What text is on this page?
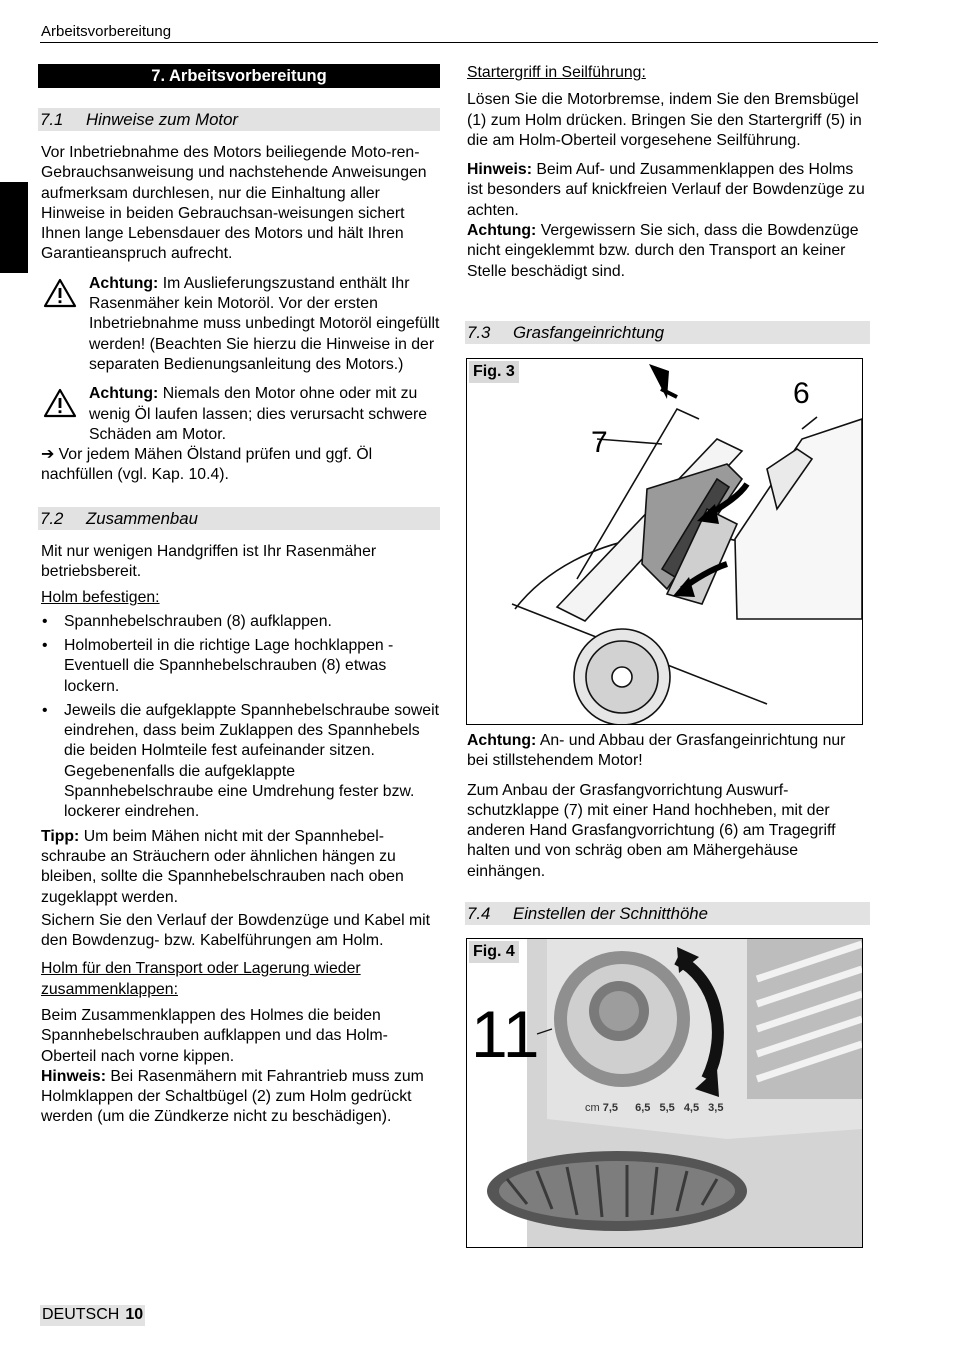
Arbeitsvorbereitung
7. Arbeitsvorbereitung
7.1 Hinweise zum Motor

Vor Inbetriebnahme des Motors beiliegende Moto-ren-Gebrauchsanweisung und nachstehende Anweisungen aufmerksam durchlesen, nur die Einhaltung aller Hinweise in beiden Gebrauchsan-weisungen sichert Ihnen lange Lebensdauer des Motors und hält Ihren Garantieanspruch aufrecht.

Achtung: Im Auslieferungszustand enthält Ihr Rasenmäher kein Motoröl. Vor der ersten Inbetriebnahme muss unbedingt Motoröl eingefüllt werden! (Beachten Sie hierzu die Hinweise in der separaten Bedienungsanleitung des Motors.)

Achtung: Niemals den Motor ohne oder mit zu wenig Öl laufen lassen; dies verursacht schwere Schäden am Motor.

➔ Vor jedem Mähen Ölstand prüfen und ggf. Öl nachfüllen (vgl. Kap. 10.4).

7.2 Zusammenbau

Mit nur wenigen Handgriffen ist Ihr Rasenmäher betriebsbereit.

Holm befestigen:

• Spannhebelschrauben (8) aufklappen.
• Holmoberteil in die richtige Lage hochklappen - Eventuell die Spannhebelschrauben (8) etwas lockern.
• Jeweils die aufgeklappte Spannhebelschraube soweit eindrehen, dass beim Zuklappen des Spannhebels die beiden Holmteile fest aufeinander sitzen. Gegebenenfalls die aufgeklappte Spannhebelschraube eine Umdrehung fester bzw. lockerer eindrehen.

Tipp: Um beim Mähen nicht mit der Spannhebel-schraube an Sträuchern oder ähnlichen hängen zu bleiben, sollte die Spannhebelschrauben nach oben zugeklappt werden.

Sichern Sie den Verlauf der Bowdenzüge und Kabel mit den Bowdenzug- bzw. Kabelführungen am Holm.

Holm für den Transport oder Lagerung wieder zusammenklappen:

Beim Zusammenklappen des Holmes die beiden Spannhebelschrauben aufklappen und das Holm-Oberteil nach vorne kippen.

Hinweis: Bei Rasenmähern mit Fahrantrieb muss zum Holmklappen der Schaltbügel (2) zum Holm gedrückt werden (um die Zündkerze nicht zu beschädigen).

Startergriff in Seilführung:

Lösen Sie die Motorbremse, indem Sie den Bremsbügel (1) zum Holm drücken. Bringen Sie den Startergriff (5) in die am Holm-Oberteil vorgesehene Seilführung.

Hinweis: Beim Auf- und Zusammenklappen des Holms ist besonders auf knickfreien Verlauf der Bowdenzüge zu achten.

Achtung: Vergewissern Sie sich, dass die Bowdenzüge nicht eingeklemmt bzw. durch den Transport an keiner Stelle beschädigt sind.

7.3 Grasfangeinrichtung
Fig. 3
6
7

Achtung: An- und Abbau der Grasfangeinrichtung nur bei stillstehendem Motor!

Zum Anbau der Grasfangvorrichtung Auswurf-schutzklappe (7) mit einer Hand hochheben, mit der anderen Hand Grasfangvorrichtung (6) am Tragegriff halten und von schräg oben am Mähergehäuse einhängen.

7.4 Einstellen der Schnitthöhe
Fig. 4
11
cm 7,5 6,5 5,5 4,5 3,5
DEUTSCH 10
